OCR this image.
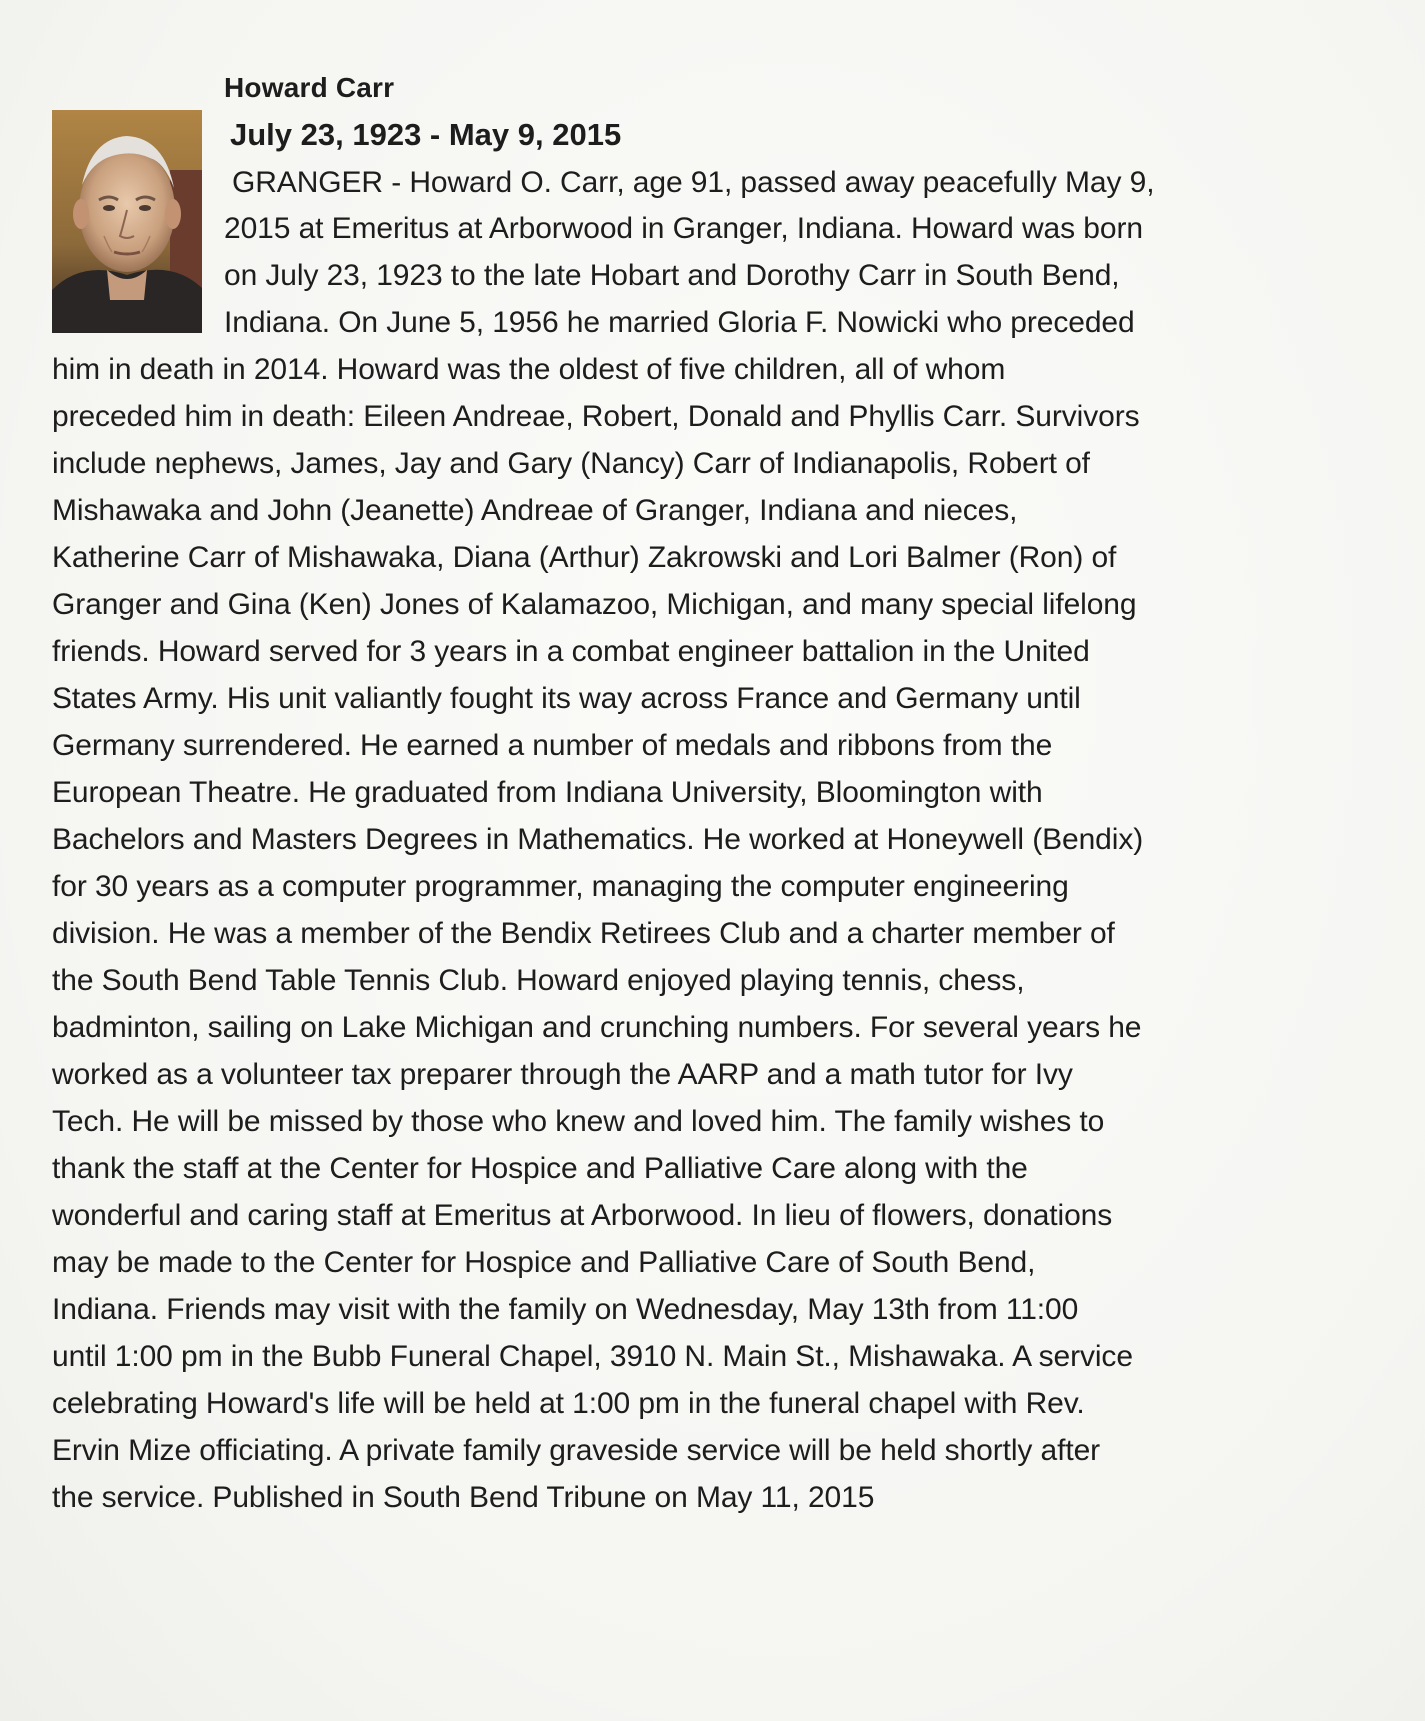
Howard Carr
July 23, 1923 - May 9, 2015
GRANGER - Howard O. Carr, age 91, passed away peacefully May 9,
2015 at Emeritus at Arborwood in Granger, Indiana. Howard was born
on July 23, 1923 to the late Hobart and Dorothy Carr in South Bend,
Indiana. On June 5, 1956 he married Gloria F. Nowicki who preceded
him in death in 2014. Howard was the oldest of five children, all of whom
preceded him in death: Eileen Andreae, Robert, Donald and Phyllis Carr. Survivors
include nephews, James, Jay and Gary (Nancy) Carr of Indianapolis, Robert of
Mishawaka and John (Jeanette) Andreae of Granger, Indiana and nieces,
Katherine Carr of Mishawaka, Diana (Arthur) Zakrowski and Lori Balmer (Ron) of
Granger and Gina (Ken) Jones of Kalamazoo, Michigan, and many special lifelong
friends. Howard served for 3 years in a combat engineer battalion in the United
States Army. His unit valiantly fought its way across France and Germany until
Germany surrendered. He earned a number of medals and ribbons from the
European Theatre. He graduated from Indiana University, Bloomington with
Bachelors and Masters Degrees in Mathematics. He worked at Honeywell (Bendix)
for 30 years as a computer programmer, managing the computer engineering
division. He was a member of the Bendix Retirees Club and a charter member of
the South Bend Table Tennis Club. Howard enjoyed playing tennis, chess,
badminton, sailing on Lake Michigan and crunching numbers. For several years he
worked as a volunteer tax preparer through the AARP and a math tutor for Ivy
Tech. He will be missed by those who knew and loved him. The family wishes to
thank the staff at the Center for Hospice and Palliative Care along with the
wonderful and caring staff at Emeritus at Arborwood. In lieu of flowers, donations
may be made to the Center for Hospice and Palliative Care of South Bend,
Indiana. Friends may visit with the family on Wednesday, May 13th from 11:00
until 1:00 pm in the Bubb Funeral Chapel, 3910 N. Main St., Mishawaka. A service
celebrating Howard's life will be held at 1:00 pm in the funeral chapel with Rev.
Ervin Mize officiating. A private family graveside service will be held shortly after
the service. Published in South Bend Tribune on May 11, 2015
